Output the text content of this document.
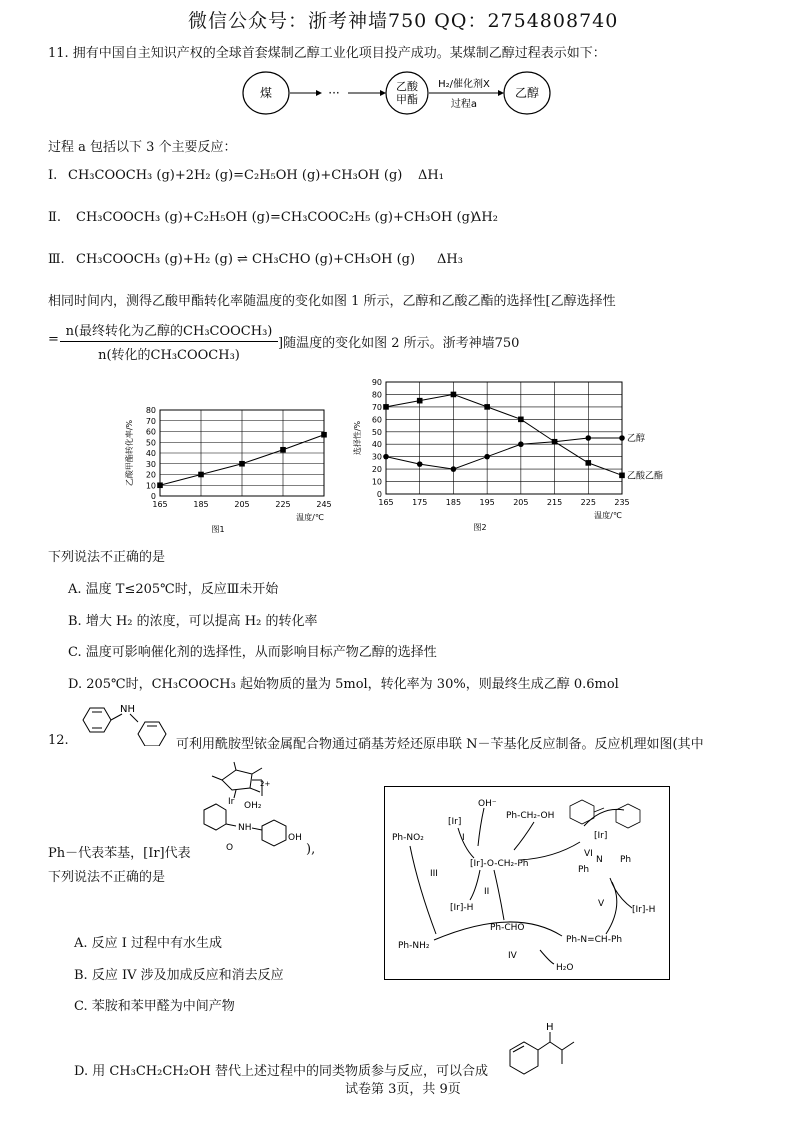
微信公众号：浙考神墙750 QQ：2754808740
11. 拥有中国自主知识产权的全球首套煤制乙醇工业化项目投产成功。某煤制乙醇过程表示如下：
煤	···	乙酸
甲酯
H₂/催化剂X
过程a
乙醇
过程 a 包括以下 3 个主要反应：
I. CH₃COOCH₃ (g)+2H₂ (g)=C₂H₅OH (g)+CH₃OH (g) ΔH₁
Ⅱ. CH₃COOCH₃ (g)+C₂H₅OH (g)=CH₃COOC₂H₅ (g)+CH₃OH (g)
ΔH₂
Ⅲ. CH₃COOCH₃ (g)+H₂ (g) ⇌ CH₃CHO (g)+CH₃OH (g) ΔH₃
相同时间内，测得乙酸甲酯转化率随温度的变化如图 1 所示，乙醇和乙酸乙酯的选择性[乙醇选择性
=
n(最终转化为乙醇的CH₃COOCH₃)
n(转化的CH₃COOCH₃)
]随温度的变化如图 2 所示。浙考神墙750
0
10
20
30
40
50
60
70
80
165	185	205	225	245
乙酸甲酯转化率/%
温度/℃
图1
0
10
20
30
40
50
60
70
80
90
165 175 185 195 205 215 225 235
乙醇
乙酸乙酯
选择性/%
温度/℃
图2
下列说法不正确的是
A. 温度 T≤205℃时，反应Ⅲ未开始
B. 增大 H₂ 的浓度，可以提高 H₂ 的转化率
C. 温度可影响催化剂的选择性，从而影响目标产物乙醇的选择性
D. 205℃时，CH₃COOCH₃ 起始物质的量为 5mol，转化率为 30%，则最终生成乙醇 0.6mol
12.
NH
可利用酰胺型铱金属配合物通过硝基芳烃还原串联 N－苄基化反应制备。反应机理如图(其中
2+
Ir OH₂
NH
O
OH
Ph－代表苯基，[Ir]代表	),
下列说法不正确的是
[Ir]
OH⁻
Ph-CH₂-OH
Ph-NO₂
[Ir]-O-CH₂-Ph
I
VI
[Ir]
N
Ph
Ph
III
II
V
[Ir]-H
Ph-CHO
[Ir]-H
Ph-NH₂
Ph-N=CH-Ph
IV
H₂O
A. 反应 I 过程中有水生成
B. 反应 IV 涉及加成反应和消去反应
C. 苯胺和苯甲醛为中间产物
D. 用 CH₃CH₂CH₂OH 替代上述过程中的同类物质参与反应，可以合成
H
试卷第 3页，共 9页
